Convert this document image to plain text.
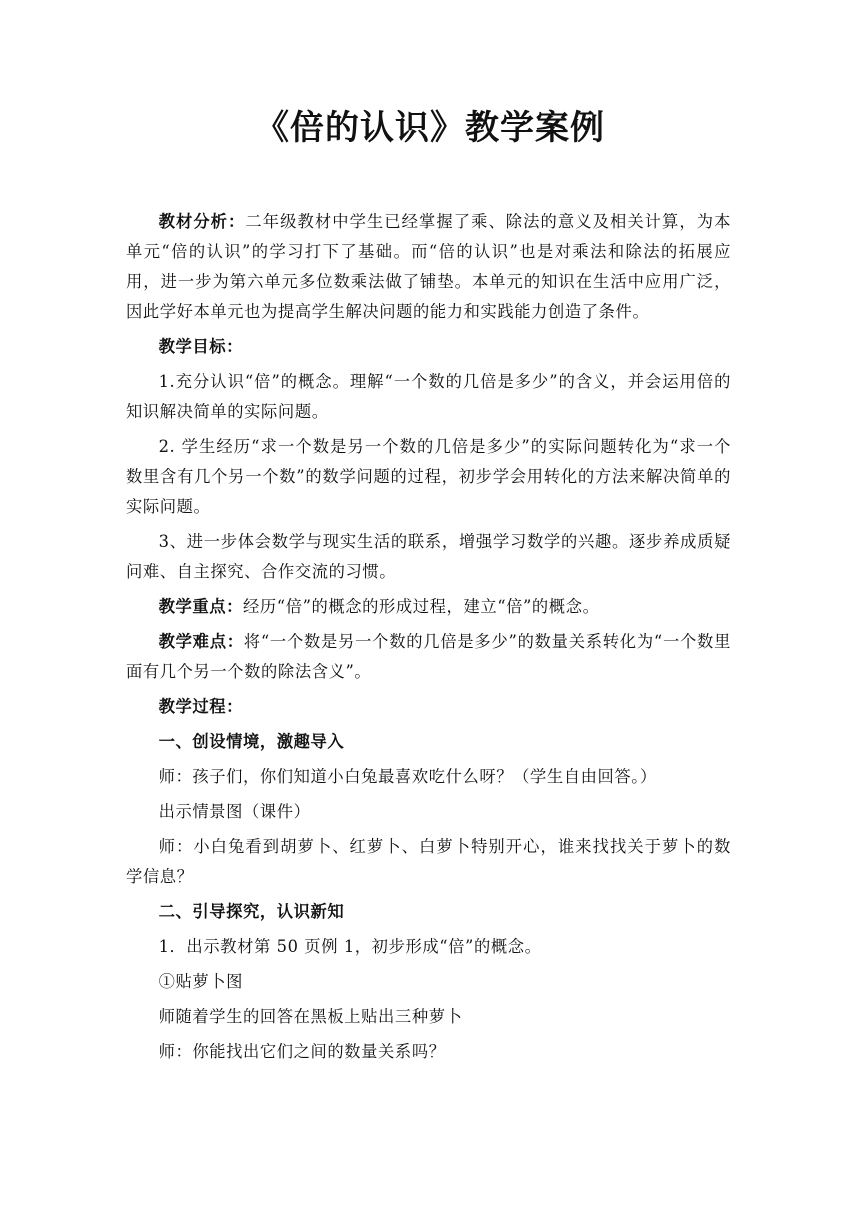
《倍的认识》教学案例

教材分析：二年级教材中学生已经掌握了乘、除法的意义及相关计算，为本单元“倍的认识”的学习打下了基础。而“倍的认识”也是对乘法和除法的拓展应用，进一步为第六单元多位数乘法做了铺垫。本单元的知识在生活中应用广泛，因此学好本单元也为提高学生解决问题的能力和实践能力创造了条件。

教学目标：

1.充分认识“倍”的概念。理解“一个数的几倍是多少”的含义，并会运用倍的知识解决简单的实际问题。

2. 学生经历“求一个数是另一个数的几倍是多少”的实际问题转化为“求一个数里含有几个另一个数”的数学问题的过程，初步学会用转化的方法来解决简单的实际问题。

3、进一步体会数学与现实生活的联系，增强学习数学的兴趣。逐步养成质疑问难、自主探究、合作交流的习惯。

教学重点：经历“倍”的概念的形成过程，建立“倍”的概念。

教学难点：将“一个数是另一个数的几倍是多少”的数量关系转化为“一个数里面有几个另一个数的除法含义”。

教学过程：

一、创设情境，激趣导入

师：孩子们，你们知道小白兔最喜欢吃什么呀？（学生自由回答。）

出示情景图（课件）

师：小白兔看到胡萝卜、红萝卜、白萝卜特别开心，谁来找找关于萝卜的数学信息？

二、引导探究，认识新知

1．出示教材第 50 页例 1，初步形成“倍”的概念。

①贴萝卜图

师随着学生的回答在黑板上贴出三种萝卜

师：你能找出它们之间的数量关系吗？
